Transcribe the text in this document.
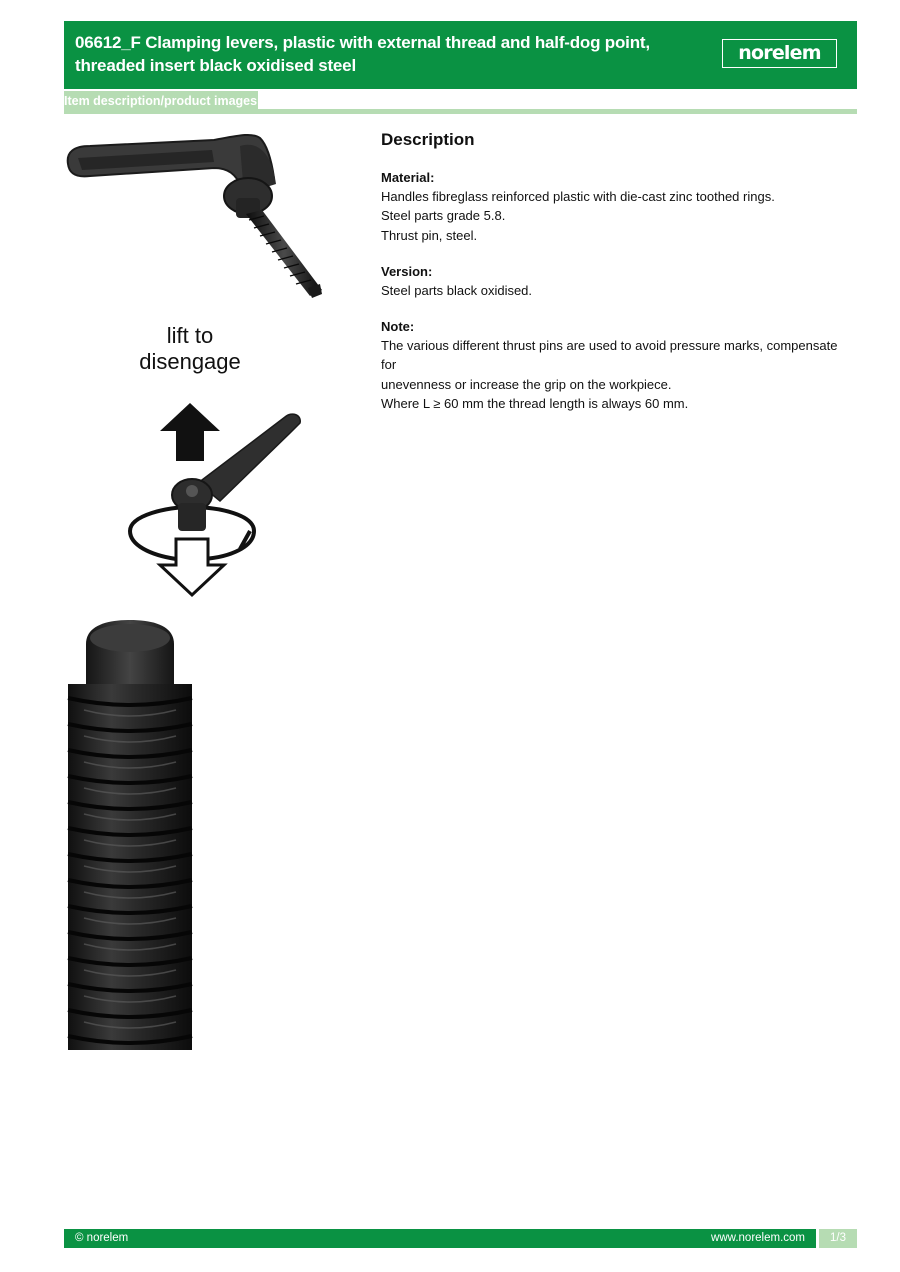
06612_F Clamping levers, plastic with external thread and half-dog point,
threaded insert black oxidised steel
norelem
Item description/product images
lift to
disengage
Description
Material:
Handles fibreglass reinforced plastic with die-cast zinc toothed rings.
Steel parts grade 5.8.
Thrust pin, steel.
Version:
Steel parts black oxidised.
Note:
The various different thrust pins are used to avoid pressure marks, compensate for
unevenness or increase the grip on the workpiece.
Where L ≥ 60 mm the thread length is always 60 mm.
© norelem	www.norelem.com	1/3
